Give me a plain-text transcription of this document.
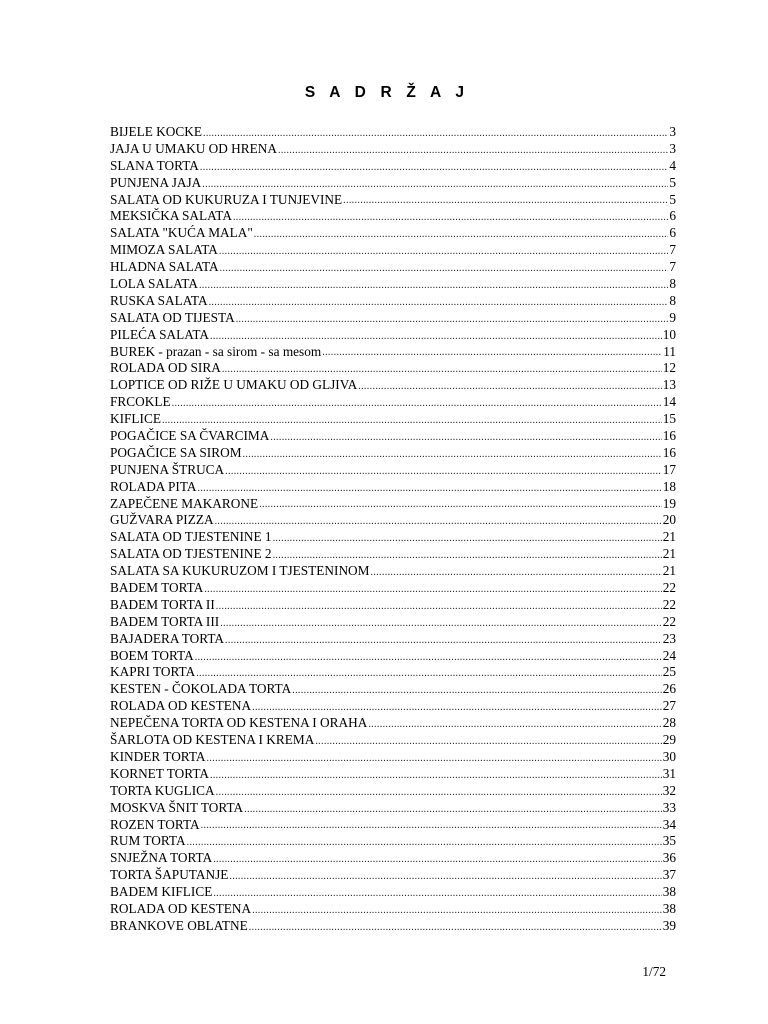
S A D R Ž A J
BIJELE KOCKE .....	3
JAJA U UMAKU OD HRENA .....	3
SLANA TORTA .....	4
PUNJENA JAJA .....	5
SALATA OD KUKURUZA I TUNJEVINE .....	5
MEKSIČKA SALATA .....	6
SALATA "KUĆA MALA" .....	6
MIMOZA SALATA .....	7
HLADNA SALATA .....	7
LOLA SALATA .....	8
RUSKA SALATA .....	8
SALATA OD TIJESTA .....	9
PILEĆA SALATA .....	10
BUREK - prazan - sa sirom - sa mesom .....	11
ROLADA OD SIRA .....	12
LOPTICE OD RIŽE U UMAKU OD GLJIVA .....	13
FRCOKLE .....	14
KIFLICE .....	15
POGAČICE SA ČVARCIMA .....	16
POGAČICE SA SIROM .....	16
PUNJENA ŠTRUCA .....	17
ROLADA PITA .....	18
ZAPEČENE MAKARONE .....	19
GUŽVARA PIZZA .....	20
SALATA OD TJESTENINE 1 .....	21
SALATA OD TJESTENINE 2 .....	21
SALATA SA KUKURUZOM I TJESTENINOM .....	21
BADEM TORTA .....	22
BADEM TORTA II .....	22
BADEM TORTA III .....	22
BAJADERA TORTA .....	23
BOEM TORTA .....	24
KAPRI TORTA .....	25
KESTEN - ČOKOLADA TORTA .....	26
ROLADA OD KESTENA .....	27
NEPEČENA TORTA OD KESTENA I ORAHA .....	28
ŠARLOTA OD KESTENA I KREMA .....	29
KINDER TORTA .....	30
KORNET TORTA .....	31
TORTA KUGLICA .....	32
MOSKVA ŠNIT TORTA .....	33
ROZEN TORTA .....	34
RUM TORTA .....	35
SNJEŽNA TORTA .....	36
TORTA ŠAPUTANJE .....	37
BADEM KIFLICE .....	38
ROLADA OD KESTENA .....	38
BRANKOVE OBLATNE .....	39
1/72
